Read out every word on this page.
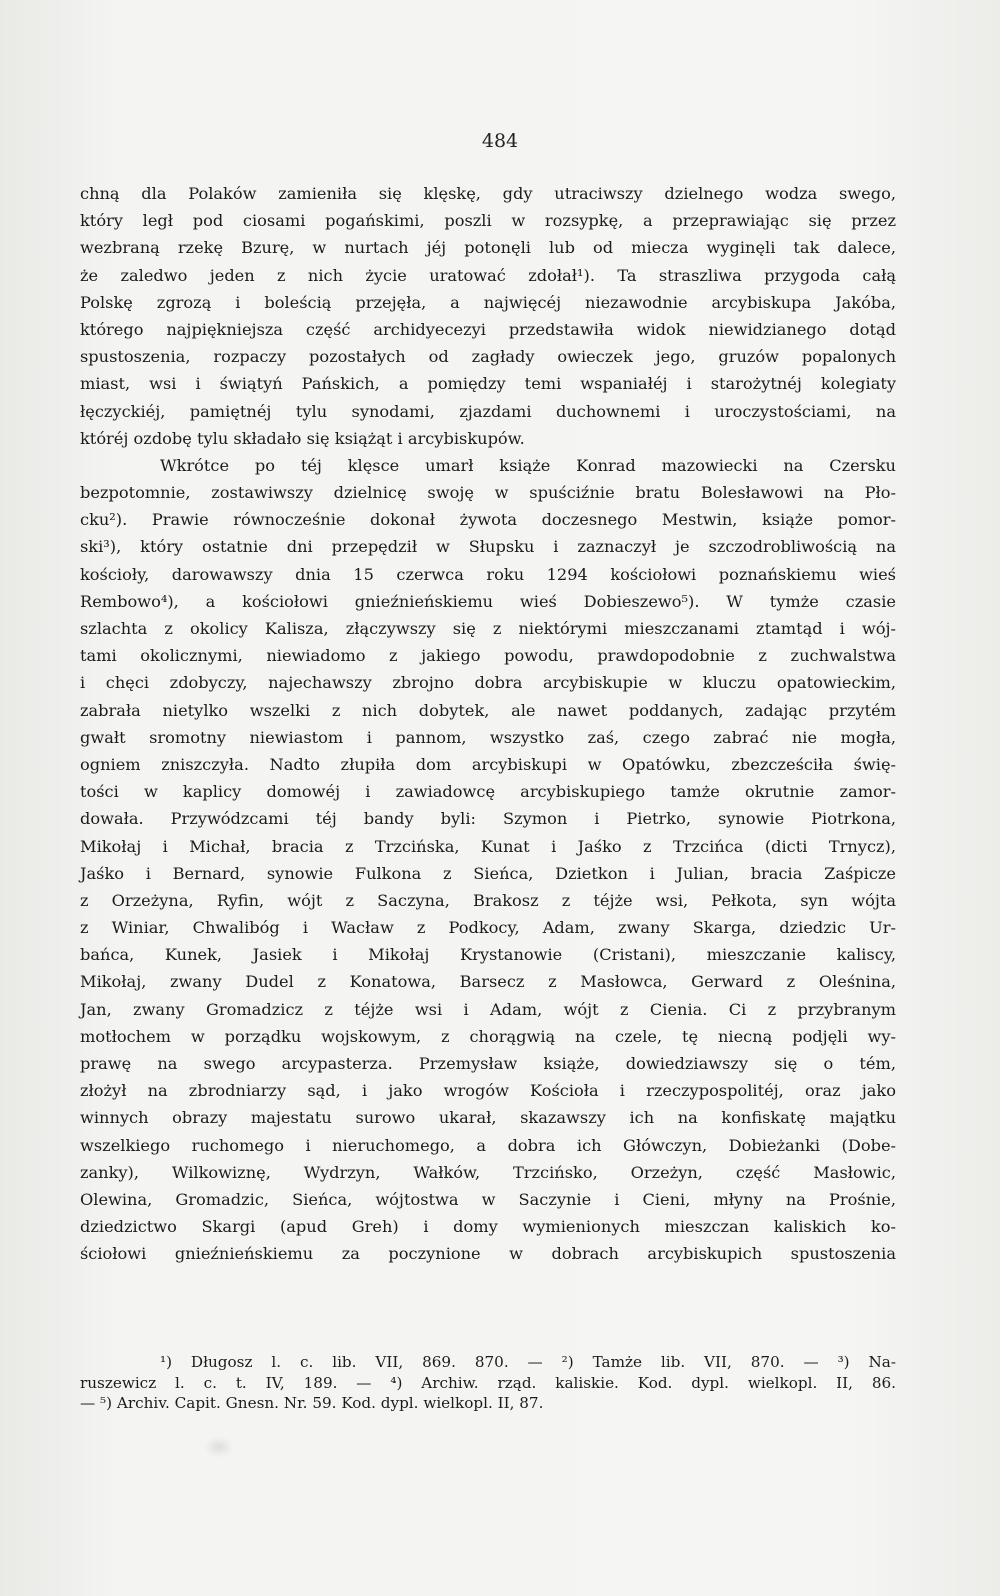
484
chną dla Polaków zamieniła się klęskę, gdy utraciwszy dzielnego wodza swego,
który legł pod ciosami pogańskimi, poszli w rozsypkę, a przeprawiając się przez
wezbraną rzekę Bzurę, w nurtach jéj potonęli lub od miecza wyginęli tak dalece,
że zaledwo jeden z nich życie uratować zdołał¹). Ta straszliwa przygoda całą
Polskę zgrozą i boleścią przejęła, a najwięcéj niezawodnie arcybiskupa Jakóba,
którego najpiękniejsza część archidyecezyi przedstawiła widok niewidzianego dotąd
spustoszenia, rozpaczy pozostałych od zagłady owieczek jego, gruzów popalonych
miast, wsi i świątyń Pańskich, a pomiędzy temi wspaniałéj i starożytnéj kolegiaty
łęczyckiéj, pamiętnéj tylu synodami, zjazdami duchownemi i uroczystościami, na
któréj ozdobę tylu składało się książąt i arcybiskupów.
Wkrótce po téj klęsce umarł książe Konrad mazowiecki na Czersku
bezpotomnie, zostawiwszy dzielnicę swoję w spuściźnie bratu Bolesławowi na Pło-
cku²). Prawie równocześnie dokonał żywota doczesnego Mestwin, książe pomor-
ski³), który ostatnie dni przepędził w Słupsku i zaznaczył je szczodrobliwością na
kościoły, darowawszy dnia 15 czerwca roku 1294 kościołowi poznańskiemu wieś
Rembowo⁴), a kościołowi gnieźnieńskiemu wieś Dobieszewo⁵). W tymże czasie
szlachta z okolicy Kalisza, złączywszy się z niektórymi mieszczanami ztamtąd i wój-
tami okolicznymi, niewiadomo z jakiego powodu, prawdopodobnie z zuchwalstwa
i chęci zdobyczy, najechawszy zbrojno dobra arcybiskupie w kluczu opatowieckim,
zabrała nietylko wszelki z nich dobytek, ale nawet poddanych, zadając przytém
gwałt sromotny niewiastom i pannom, wszystko zaś, czego zabrać nie mogła,
ogniem zniszczyła. Nadto złupiła dom arcybiskupi w Opatówku, zbezcześciła świę-
tości w kaplicy domowéj i zawiadowcę arcybiskupiego tamże okrutnie zamor-
dowała. Przywódzcami téj bandy byli: Szymon i Pietrko, synowie Piotrkona,
Mikołaj i Michał, bracia z Trzcińska, Kunat i Jaśko z Trzcińca (dicti Trnycz),
Jaśko i Bernard, synowie Fulkona z Sieńca, Dzietkon i Julian, bracia Zaśpicze
z Orzeżyna, Ryfin, wójt z Saczyna, Brakosz z téjże wsi, Pełkota, syn wójta
z Winiar, Chwalibóg i Wacław z Podkocy, Adam, zwany Skarga, dziedzic Ur-
bańca, Kunek, Jasiek i Mikołaj Krystanowie (Cristani), mieszczanie kaliscy,
Mikołaj, zwany Dudel z Konatowa, Barsecz z Masłowca, Gerward z Oleśnina,
Jan, zwany Gromadzicz z téjże wsi i Adam, wójt z Cienia. Ci z przybranym
motłochem w porządku wojskowym, z chorągwią na czele, tę niecną podjęli wy-
prawę na swego arcypasterza. Przemysław książe, dowiedziawszy się o tém,
złożył na zbrodniarzy sąd, i jako wrogów Kościoła i rzeczypospolitéj, oraz jako
winnych obrazy majestatu surowo ukarał, skazawszy ich na konfiskatę majątku
wszelkiego ruchomego i nieruchomego, a dobra ich Główczyn, Dobieżanki (Dobe-
zanky), Wilkowiznę, Wydrzyn, Wałków, Trzcińsko, Orzeżyn, część Masłowic,
Olewina, Gromadzic, Sieńca, wójtostwa w Saczynie i Cieni, młyny na Prośnie,
dziedzictwo Skargi (apud Greh) i domy wymienionych mieszczan kaliskich ko-
ściołowi gnieźnieńskiemu za poczynione w dobrach arcybiskupich spustoszenia
¹) Długosz l. c. lib. VII, 869. 870. — ²) Tamże lib. VII, 870. — ³) Na-
ruszewicz l. c. t. IV, 189. — ⁴) Archiw. rząd. kaliskie. Kod. dypl. wielkopl. II, 86.
— ⁵) Archiv. Capit. Gnesn. Nr. 59. Kod. dypl. wielkopl. II, 87.
